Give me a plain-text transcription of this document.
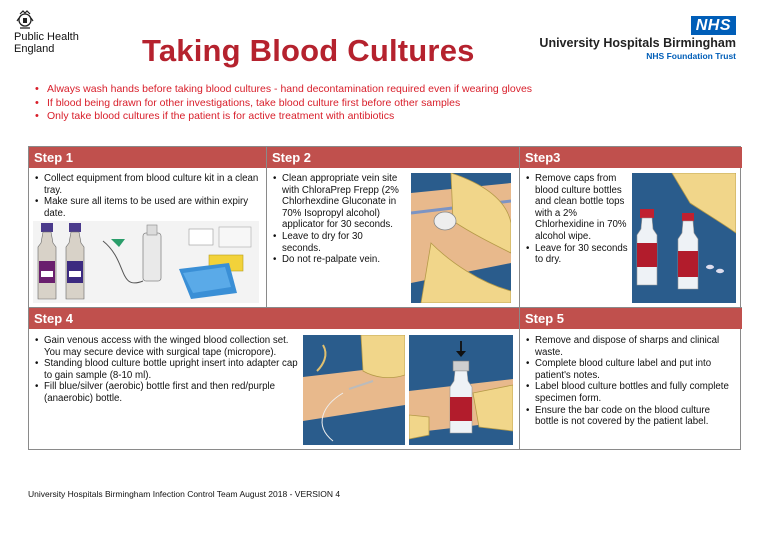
Public Health
England	Taking Blood Cultures
NHS
University Hospitals Birmingham
NHS Foundation Trust
• Always wash hands before taking blood cultures - hand decontamination required even if wearing gloves
• If blood being drawn for other investigations, take blood culture first before other samples
• Only take blood cultures if the patient is for active treatment with antibiotics
Step 1
• Collect equipment from blood culture kit in a clean tray.
• Make sure all items to be used are within expiry date.
Step 2
• Clean appropriate vein site with ChloraPrep Frepp (2% Chlorhexdine Gluconate in 70% Isopropyl alcohol) applicator for 30 seconds.
• Leave to dry for 30 seconds.
• Do not re-palpate vein.
Step3
• Remove caps from blood culture bottles and clean bottle tops with a 2% Chlorhexidine in 70% alcohol wipe.
• Leave for 30 seconds to dry.
Step 4
• Gain venous access with the winged blood collection set. You may secure device with surgical tape (micropore).
• Standing blood culture bottle upright insert into adapter cap to gain sample (8-10 ml).
• Fill blue/silver (aerobic) bottle first and then red/purple (anaerobic) bottle.
Step 5
• Remove and dispose of sharps and clinical waste.
• Complete blood culture label and put into patient's notes.
• Label blood culture bottles and fully complete specimen form.
• Ensure the bar code on the blood culture bottle is not covered by the patient label.
University Hospitals Birmingham Infection Control Team August 2018 - VERSION 4
